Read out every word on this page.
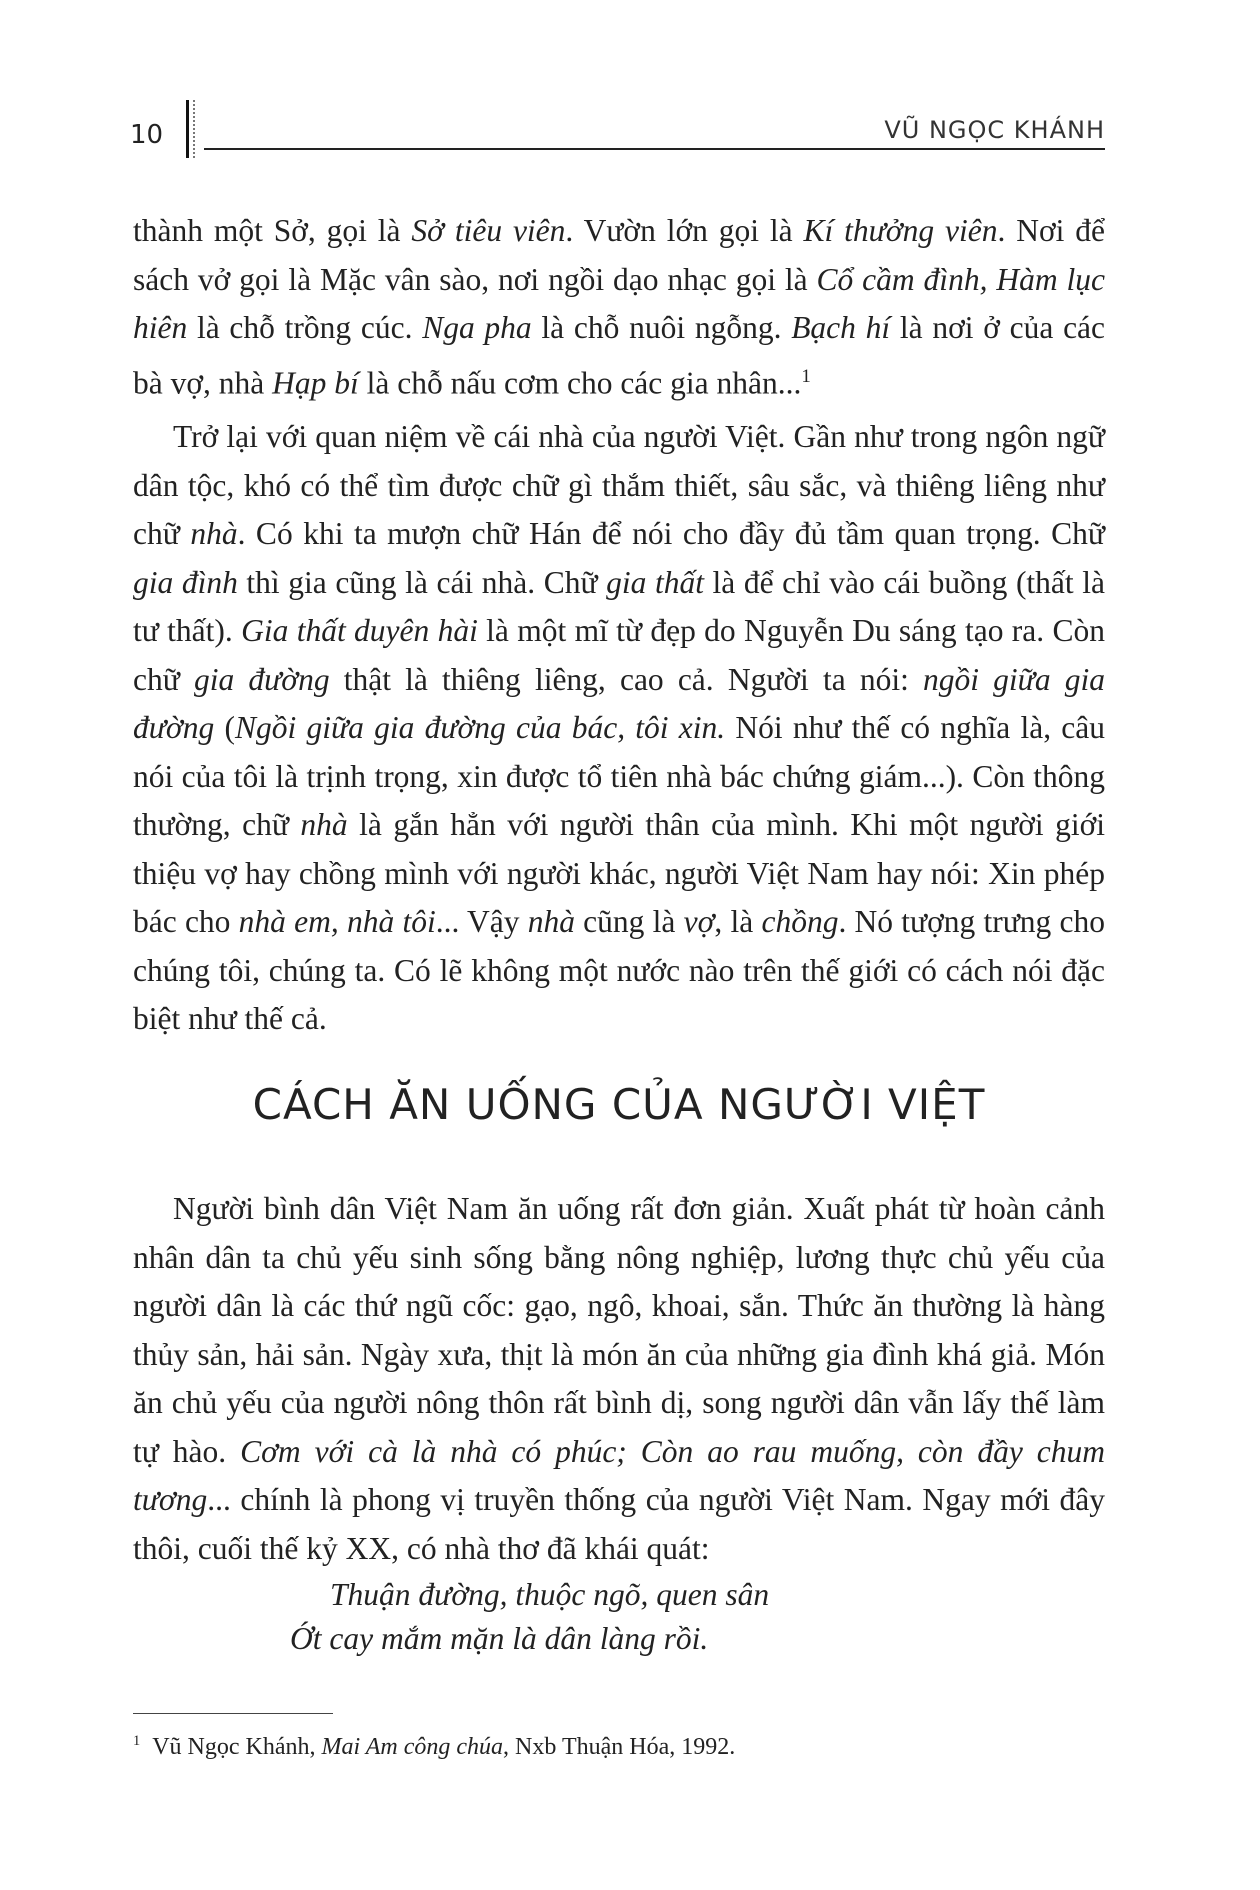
10	VŨ NGỌC KHÁNH

thành một Sở, gọi là Sở tiêu viên. Vườn lớn gọi là Kí thưởng viên. Nơi để sách vở gọi là Mặc vân sào, nơi ngồi dạo nhạc gọi là Cổ cầm đình, Hàm lục hiên là chỗ trồng cúc. Nga pha là chỗ nuôi ngỗng. Bạch hí là nơi ở của các bà vợ, nhà Hạp bí là chỗ nấu cơm cho các gia nhân...$^1$

Trở lại với quan niệm về cái nhà của người Việt. Gần như trong ngôn ngữ dân tộc, khó có thể tìm được chữ gì thắm thiết, sâu sắc, và thiêng liêng như chữ nhà. Có khi ta mượn chữ Hán để nói cho đầy đủ tầm quan trọng. Chữ gia đình thì gia cũng là cái nhà. Chữ gia thất là để chỉ vào cái buồng (thất là tư thất). Gia thất duyên hài là một mĩ từ đẹp do Nguyễn Du sáng tạo ra. Còn chữ gia đường thật là thiêng liêng, cao cả. Người ta nói: ngồi giữa gia đường (Ngồi giữa gia đường của bác, tôi xin. Nói như thế có nghĩa là, câu nói của tôi là trịnh trọng, xin được tổ tiên nhà bác chứng giám...). Còn thông thường, chữ nhà là gắn hẳn với người thân của mình. Khi một người giới thiệu vợ hay chồng mình với người khác, người Việt Nam hay nói: Xin phép bác cho nhà em, nhà tôi... Vậy nhà cũng là vợ, là chồng. Nó tượng trưng cho chúng tôi, chúng ta. Có lẽ không một nước nào trên thế giới có cách nói đặc biệt như thế cả.

CÁCH ĂN UỐNG CỦA NGƯỜI VIỆT

Người bình dân Việt Nam ăn uống rất đơn giản. Xuất phát từ hoàn cảnh nhân dân ta chủ yếu sinh sống bằng nông nghiệp, lương thực chủ yếu của người dân là các thứ ngũ cốc: gạo, ngô, khoai, sắn. Thức ăn thường là hàng thủy sản, hải sản. Ngày xưa, thịt là món ăn của những gia đình khá giả. Món ăn chủ yếu của người nông thôn rất bình dị, song người dân vẫn lấy thế làm tự hào. Cơm với cà là nhà có phúc; Còn ao rau muống, còn đầy chum tương... chính là phong vị truyền thống của người Việt Nam. Ngay mới đây thôi, cuối thế kỷ XX, có nhà thơ đã khái quát:

Thuận đường, thuộc ngõ, quen sân
Ớt cay mắm mặn là dân làng rồi.
$^1$ Vũ Ngọc Khánh, Mai Am công chúa, Nxb Thuận Hóa, 1992.
